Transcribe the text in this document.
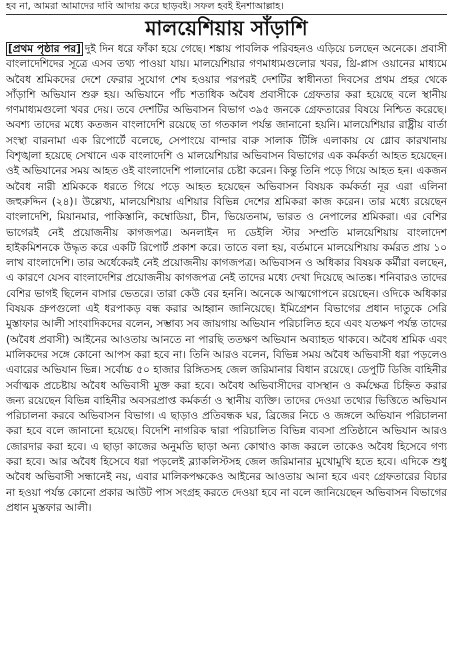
হব না, আমরা আমাদের দাবি আদায় করে ছাড়বই। সফল হবই ইনশাআল্লাহ।
মালয়েশিয়ায় সাঁড়াশি

[প্রথম পৃষ্ঠার পর] দুই দিন ধরে ফাঁকা হয়ে গেছে। শঙ্কায় পাবলিক পরিবহনও এড়িয়ে চলছেন অনেকে। প্রবাসী বাংলাদেশিদের সূত্রে এসব তথ্য পাওয়া যায়। মালয়েশিয়ার গণমাধ্যমগুলোর খবর, থ্রি-প্লাস ওয়ানের মাধ্যমে অবৈধ শ্রমিকদের দেশে ফেরার সুযোগ শেষ হওয়ার পরপরই দেশটির স্বাধীনতা দিবসের প্রথম প্রহর থেকে সাঁড়াশি অভিযান শুরু হয়। অভিযানে পাঁচ শতাধিক অবৈধ প্রবাসীকে গ্রেফতার করা হয়েছে বলে স্থানীয় গণমাধ্যমগুলো খবর দেয়। তবে দেশটির অভিবাসন বিভাগ ৩৯৫ জনকে গ্রেফতারের বিষয়ে নিশ্চিত করেছে। অবশ্য তাদের মধ্যে কতজন বাংলাদেশি রয়েছে তা গতকাল পর্যন্ত জানানো হয়নি। মালয়েশিয়ার রাষ্ট্রীয় বার্তা সংস্থা বারনামা এক রিপোর্টে বলেছে, সেপাংয়ে বান্দার বারু সালাক টিঙ্গি এলাকায় যে গ্লোব কারখানায় বিশৃঙ্খলা হয়েছে সেখানে এক বাংলাদেশি ও মালয়েশিয়ার অভিবাসন বিভাগের এক কর্মকর্তা আহত হয়েছেন। ওই অভিযানের সময় আহত ওই বাংলাদেশি পালানোর চেষ্টা করেন। কিন্তু তিনি পড়ে গিয়ে আহত হন। একজন অবৈধ নারী শ্রমিককে ধরতে গিয়ে পড়ে আহত হয়েছেন অভিবাসন বিষয়ক কর্মকর্তা নূর এরা এলিনা জহুরুদ্দিন (২৪)। উল্লেখ্য, মালয়েশিয়ায় এশিয়ার বিভিন্ন দেশের শ্রমিকরা কাজ করেন। তার মধ্যে রয়েছেন বাংলাদেশি, মিয়ানমার, পাকিস্তানি, কম্বোডিয়া, চীন, ভিয়েতনাম, ভারত ও নেপালের শ্রমিকরা। এর বেশির ভাগেরই নেই প্রয়োজনীয় কাগজপত্র। অনলাইন দ্য ডেইলি স্টার সম্প্রতি মালয়েশিয়ায় বাংলাদেশ হাইকমিশনকে উদ্ধৃত করে একটি রিপোর্ট প্রকাশ করে। তাতে বলা হয়, বর্তমানে মালয়েশিয়ায় কর্মরত প্রায় ১০ লাখ বাংলাদেশি। তার অর্ধেকেরই নেই প্রয়োজনীয় কাগজপত্র। অভিবাসন ও অধিকার বিষয়ক কর্মীরা বলছেন, এ কারণে যেসব বাংলাদেশির প্রয়োজনীয় কাগজপত্র নেই তাদের মধ্যে দেখা দিয়েছে আতঙ্ক। শনিবারও তাদের বেশির ভাগই ছিলেন বাসার ভেতরে। তারা কেউ বের হননি। অনেকে আত্মগোপনে রয়েছেন। ওদিকে অধিকার বিষয়ক গ্রুপগুলো এই ধরপাকড় বন্ধ করার আহ্বান জানিয়েছে। ইমিগ্রেশন বিভাগের প্রধান দাতুকে সেরি মুস্তাফার আলী সাংবাদিকদের বলেন, সম্ভাব্য সব জায়গায় অভিযান পরিচালিত হবে এবং যতক্ষণ পর্যন্ত তাদের (অবৈধ প্রবাসী) আইনের আওতায় আনতে না পারছি ততক্ষণ অভিযান অব্যাহত থাকবে। অবৈধ শ্রমিক এবং মালিকদের সঙ্গে কোনো আপস করা হবে না। তিনি আরও বলেন, বিভিন্ন সময় অবৈধ অভিবাসী ধরা পড়লেও এবারের অভিযান ভিন্ন। সর্বোচ্চ ৫০ হাজার রিঙ্গিতসহ জেল জরিমানার বিধান রয়েছে। ডেপুটি ডিজি বাহিনীর সর্বাত্মক প্রচেষ্টায় অবৈধ অভিবাসী মুক্ত করা হবে। অবৈধ অভিবাসীদের বাসস্থান ও কর্মক্ষেত্র চিহ্নিত করার জন্য রয়েছেন বিভিন্ন বাহিনীর অবসরপ্রাপ্ত কর্মকর্তা ও স্থানীয় ব্যক্তি। তাদের দেওয়া তথ্যের ভিত্তিতে অভিযান পরিচালনা করবে অভিবাসন বিভাগ। এ ছাড়াও প্রতিবন্ধক ঘর, ব্রিজের নিচে ও জঙ্গলে অভিযান পরিচালনা করা হবে বলে জানানো হয়েছে। বিদেশি নাগরিক দ্বারা পরিচালিত বিভিন্ন ব্যবসা প্রতিষ্ঠানে অভিযান আরও জোরদার করা হবে। এ ছাড়া কাজের অনুমতি ছাড়া অন্য কোথাও কাজ করলে তাকেও অবৈধ হিসেবে গণ্য করা হবে। আর অবৈধ হিসেবে ধরা পড়লেই ব্ল্যাকলিস্টসহ জেল জরিমানার মুখোমুখি হতে হবে। এদিকে শুধু অবৈধ অভিবাসী সন্ধানেই নয়, এবার মালিকপক্ষকেও আইনের আওতায় আনা হবে এবং গ্রেফতারের বিচার না হওয়া পর্যন্ত কোনো প্রকার আউট পাস সংগ্রহ করতে দেওয়া হবে না বলে জানিয়েছেন অভিবাসন বিভাগের প্রধান মুস্তফার আলী।
